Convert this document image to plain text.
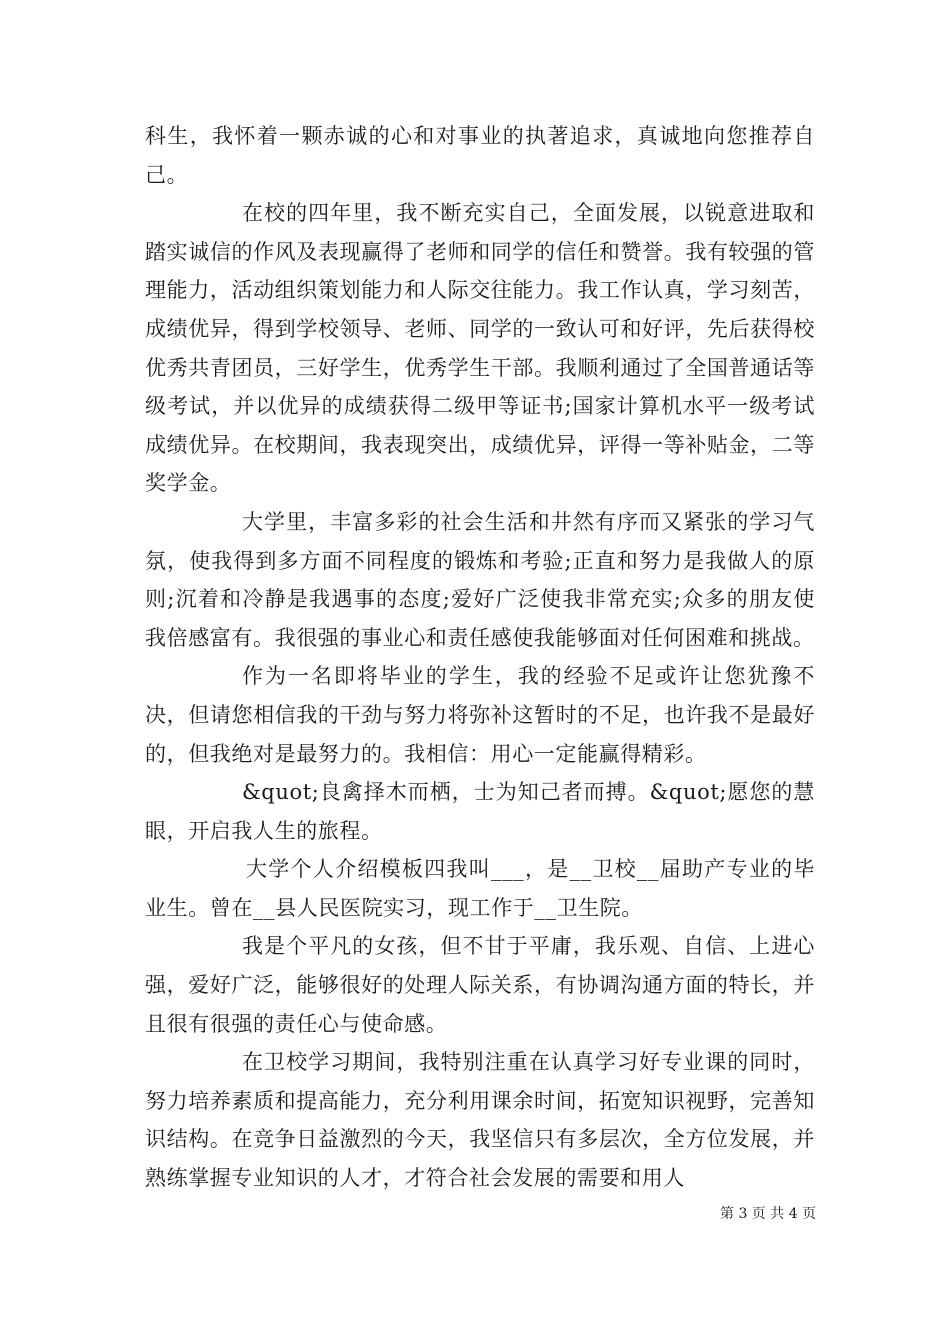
科生，我怀着一颗赤诚的心和对事业的执著追求，真诚地向您推荐自己。

在校的四年里，我不断充实自己，全面发展，以锐意进取和踏实诚信的作风及表现赢得了老师和同学的信任和赞誉。我有较强的管理能力，活动组织策划能力和人际交往能力。我工作认真，学习刻苦，成绩优异，得到学校领导、老师、同学的一致认可和好评，先后获得校优秀共青团员，三好学生，优秀学生干部。我顺利通过了全国普通话等级考试，并以优异的成绩获得二级甲等证书;国家计算机水平一级考试成绩优异。在校期间，我表现突出，成绩优异，评得一等补贴金，二等奖学金。

大学里，丰富多彩的社会生活和井然有序而又紧张的学习气氛，使我得到多方面不同程度的锻炼和考验;正直和努力是我做人的原则;沉着和冷静是我遇事的态度;爱好广泛使我非常充实;众多的朋友使我倍感富有。我很强的事业心和责任感使我能够面对任何困难和挑战。

作为一名即将毕业的学生，我的经验不足或许让您犹豫不决，但请您相信我的干劲与努力将弥补这暂时的不足，也许我不是最好的，但我绝对是最努力的。我相信：用心一定能赢得精彩。

&quot;良禽择木而栖，士为知己者而搏。&quot;愿您的慧眼，开启我人生的旅程。

大学个人介绍模板四我叫___，是__卫校__届助产专业的毕业生。曾在__县人民医院实习，现工作于__卫生院。

我是个平凡的女孩，但不甘于平庸，我乐观、自信、上进心强，爱好广泛，能够很好的处理人际关系，有协调沟通方面的特长，并且很有很强的责任心与使命感。

在卫校学习期间，我特别注重在认真学习好专业课的同时，努力培养素质和提高能力，充分利用课余时间，拓宽知识视野，完善知识结构。在竞争日益激烈的今天，我坚信只有多层次，全方位发展，并熟练掌握专业知识的人才，才符合社会发展的需要和用人

第 3 页 共 4 页
